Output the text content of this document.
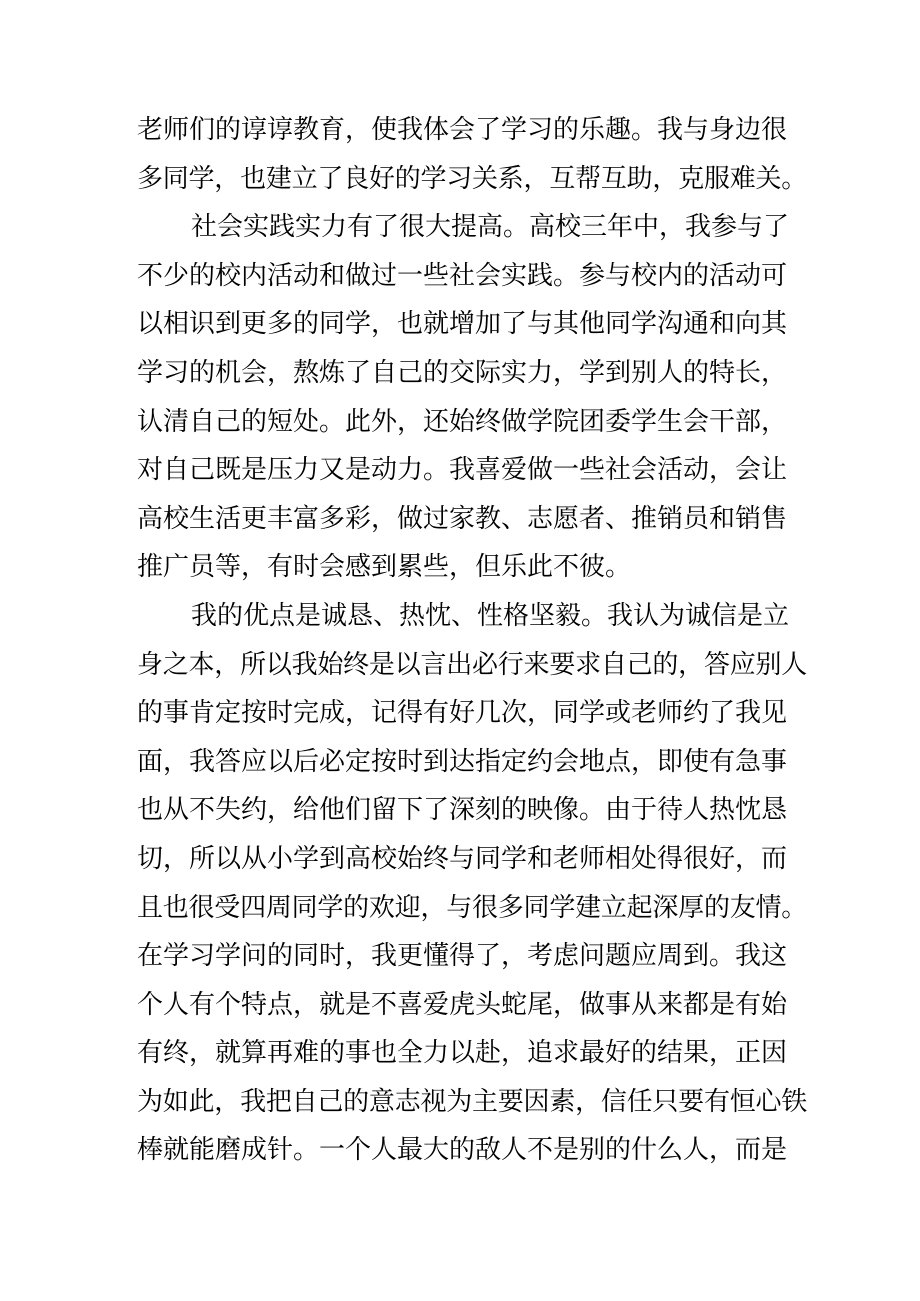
老师们的谆谆教育，使我体会了学习的乐趣。我与身边很
多同学，也建立了良好的学习关系，互帮互助，克服难关。
社会实践实力有了很大提高。高校三年中，我参与了
不少的校内活动和做过一些社会实践。参与校内的活动可
以相识到更多的同学，也就增加了与其他同学沟通和向其
学习的机会，熬炼了自己的交际实力，学到别人的特长，
认清自己的短处。此外，还始终做学院团委学生会干部，
对自己既是压力又是动力。我喜爱做一些社会活动，会让
高校生活更丰富多彩，做过家教、志愿者、推销员和销售
推广员等，有时会感到累些，但乐此不彼。
我的优点是诚恳、热忱、性格坚毅。我认为诚信是立
身之本，所以我始终是以言出必行来要求自己的，答应别人
的事肯定按时完成，记得有好几次，同学或老师约了我见
面，我答应以后必定按时到达指定约会地点，即使有急事
也从不失约，给他们留下了深刻的映像。由于待人热忱恳
切，所以从小学到高校始终与同学和老师相处得很好，而
且也很受四周同学的欢迎，与很多同学建立起深厚的友情。
在学习学问的同时，我更懂得了，考虑问题应周到。我这
个人有个特点，就是不喜爱虎头蛇尾，做事从来都是有始
有终，就算再难的事也全力以赴，追求最好的结果，正因
为如此，我把自己的意志视为主要因素，信任只要有恒心铁
棒就能磨成针。一个人最大的敌人不是别的什么人，而是
